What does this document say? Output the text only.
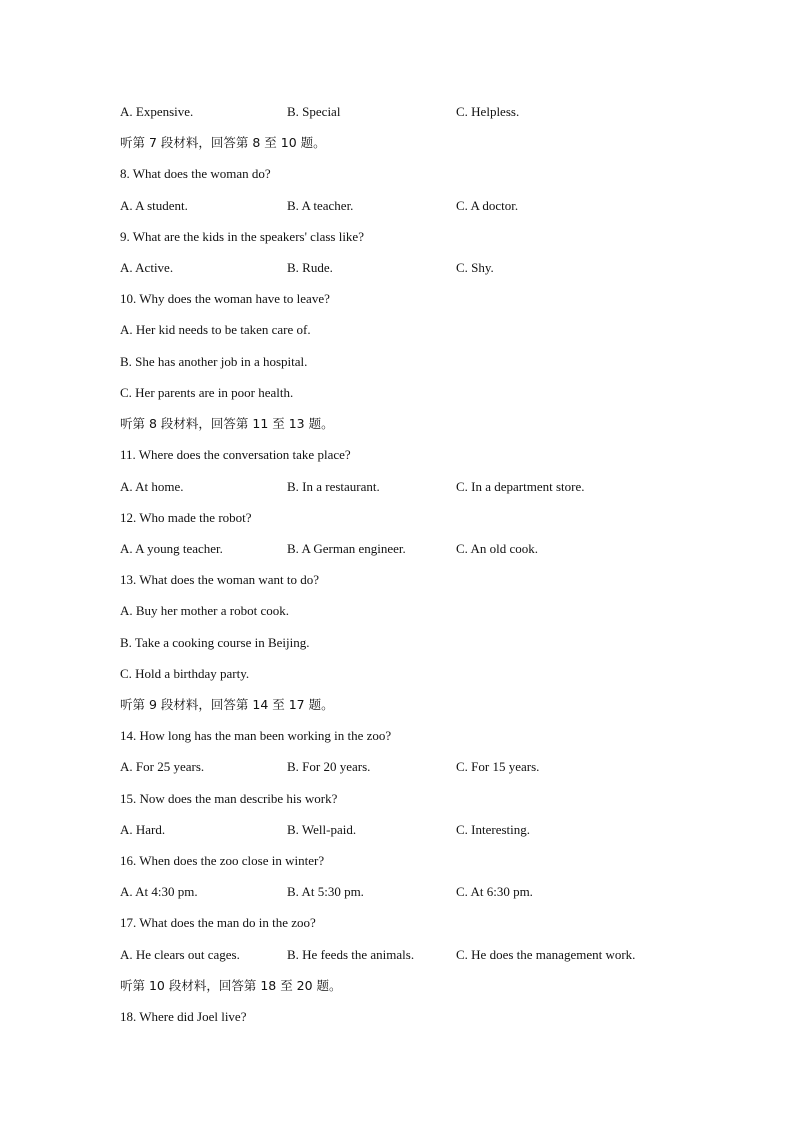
A. Expensive.	B. Special	C. Helpless.
听第 7 段材料，回答第 8 至 10 题。
8. What does the woman do?
A. A student.	B. A teacher.	C. A doctor.
9. What are the kids in the speakers' class like?
A. Active.	B. Rude.	C. Shy.
10. Why does the woman have to leave?
A. Her kid needs to be taken care of.
B. She has another job in a hospital.
C. Her parents are in poor health.
听第 8 段材料，回答第 11 至 13 题。
11. Where does the conversation take place?
A. At home.	B. In a restaurant.	C. In a department store.
12. Who made the robot?
A. A young teacher.	B. A German engineer.	C. An old cook.
13. What does the woman want to do?
A. Buy her mother a robot cook.
B. Take a cooking course in Beijing.
C. Hold a birthday party.
听第 9 段材料，回答第 14 至 17 题。
14. How long has the man been working in the zoo?
A. For 25 years.	B. For 20 years.	C. For 15 years.
15. Now does the man describe his work?
A. Hard.	B. Well-paid.	C. Interesting.
16. When does the zoo close in winter?
A. At 4:30 pm.	B. At 5:30 pm.	C. At 6:30 pm.
17. What does the man do in the zoo?
A. He clears out cages.	B. He feeds the animals.	C. He does the management work.
听第 10 段材料，回答第 18 至 20 题。
18. Where did Joel live?
